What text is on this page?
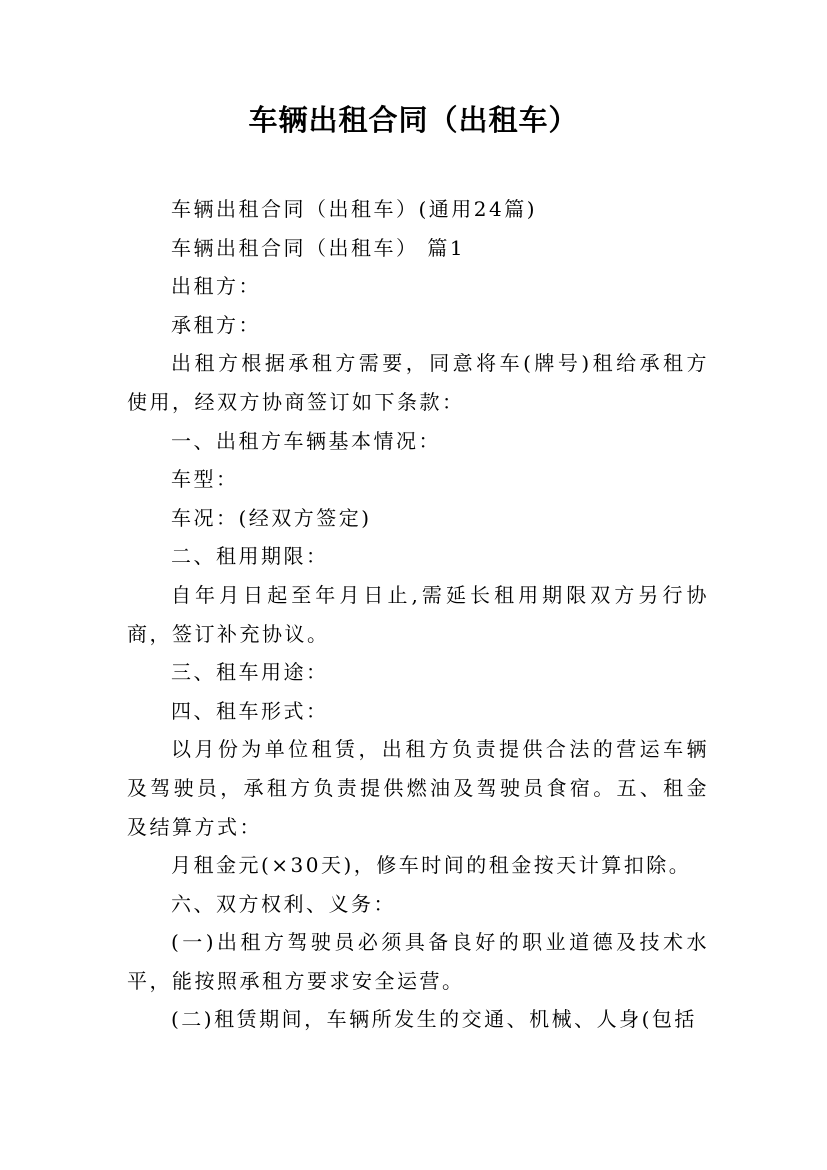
车辆出租合同（出租车）

车辆出租合同（出租车）(通用24篇)

车辆出租合同（出租车） 篇1

出租方：

承租方：

出租方根据承租方需要，同意将车(牌号)租给承租方使用，经双方协商签订如下条款：

一、出租方车辆基本情况：

车型：

车况：(经双方签定)

二、租用期限：

自年月日起至年月日止,需延长租用期限双方另行协商，签订补充协议。

三、租车用途：

四、租车形式：

以月份为单位租赁，出租方负责提供合法的营运车辆及驾驶员，承租方负责提供燃油及驾驶员食宿。五、租金及结算方式：

月租金元(×30天)，修车时间的租金按天计算扣除。

六、双方权利、义务：

(一)出租方驾驶员必须具备良好的职业道德及技术水平，能按照承租方要求安全运营。

(二)租赁期间，车辆所发生的交通、机械、人身(包括
